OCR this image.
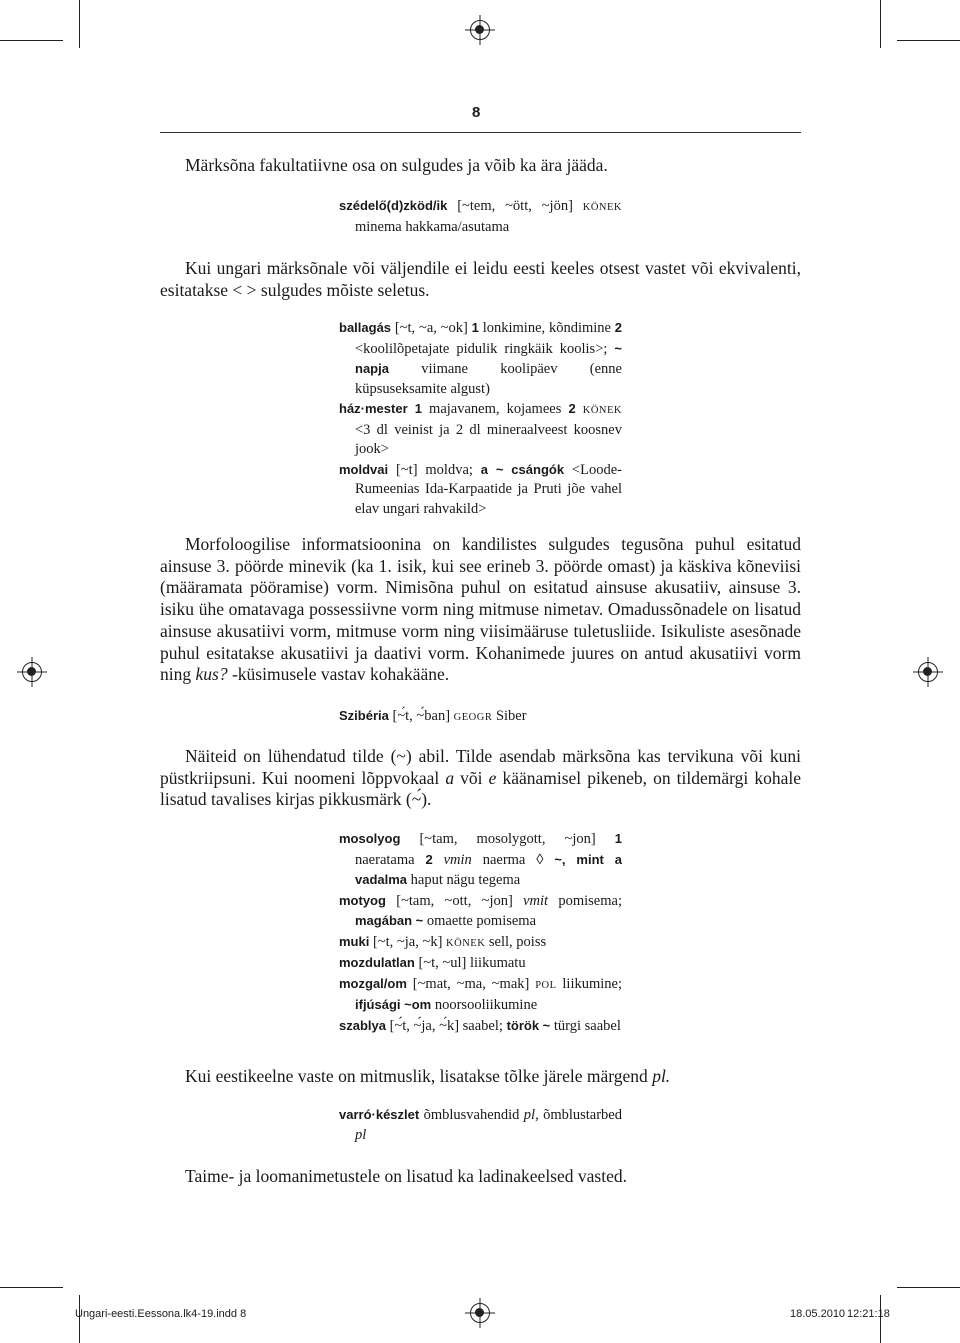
8

Märksõna fakultatiivne osa on sulgudes ja võib ka ära jääda.

szédelő(d)zköd/ik [~tem, ~ött, ~jön] KÖNEK minema hakkama/asutama

Kui ungari märksõnale või väljendile ei leidu eesti keeles otsest vastet või ekvivalenti, esitatakse < > sulgudes mõiste seletus.

ballagás [~t, ~a, ~ok] 1 lonkimine, kõndimine 2 <koolilõpetajate pidulik ringkäik koolis>; ~ napja viimane koolipäev (enne küpsuseksamite algust)
ház·mester 1 majavanem, kojamees 2 KÖNEK <3 dl veinist ja 2 dl mineraalveest koosnev jook>
moldvai [~t] moldva; a ~ csángók <Loode-Rumeenias Ida-Karpaatide ja Pruti jõe vahel elav ungari rahvakild>

Morfoloogilise informatsioonina on kandilistes sulgudes tegusõna puhul esitatud ainsuse 3. pöörde minevik (ka 1. isik, kui see erineb 3. pöörde omast) ja käskiva kõneviisi (määramata pööramise) vorm. Nimisõna puhul on esitatud ainsuse akusatiiv, ainsuse 3. isiku ühe omatavaga possessiivne vorm ning mitmuse nimetav. Omadussõnadele on lisatud ainsuse akusatiivi vorm, mitmuse vorm ning viisimääruse tuletusliide. Isikuliste asesõnade puhul esitatakse akusatiivi ja daativi vorm. Kohanimede juures on antud akusatiivi vorm ning kus? -küsimusele vastav kohakääne.

Szibéria [~́t, ~́ban] GEOGR Siber

Näiteid on lühendatud tilde (~) abil. Tilde asendab märksõna kas tervikuna või kuni püstkriipsuni. Kui noomeni lõppvokaal a või e käänamisel pikeneb, on tildemärgi kohale lisatud tavalises kirjas pikkusmärk (~́).

mosolyog [~tam, mosolygott, ~jon] 1 naeratama 2 vmin naerma ◊ ~, mint a vadalma haput nägu tegema
motyog [~tam, ~ott, ~jon] vmit pomisema; magában ~ omaette pomisema
muki [~t, ~ja, ~k] KÖNEK sell, poiss
mozdulatlan [~t, ~ul] liikumatu
mozgal/om [~mat, ~ma, ~mak] POL liikumine; ifjúsági ~om noorsooliikumine
szablya [~́t, ~́ja, ~́k] saabel; török ~ türgi saabel

Kui eestikeelne vaste on mitmuslik, lisatakse tõlke järele märgend pl.

varró·készlet õmblusvahendid pl, õmblustarbed pl

Taime- ja loomanimetustele on lisatud ka ladinakeelsed vasted.

Ungari-eesti.Eessona.lk4-19.indd 8	18.05.2010 12:21:18
